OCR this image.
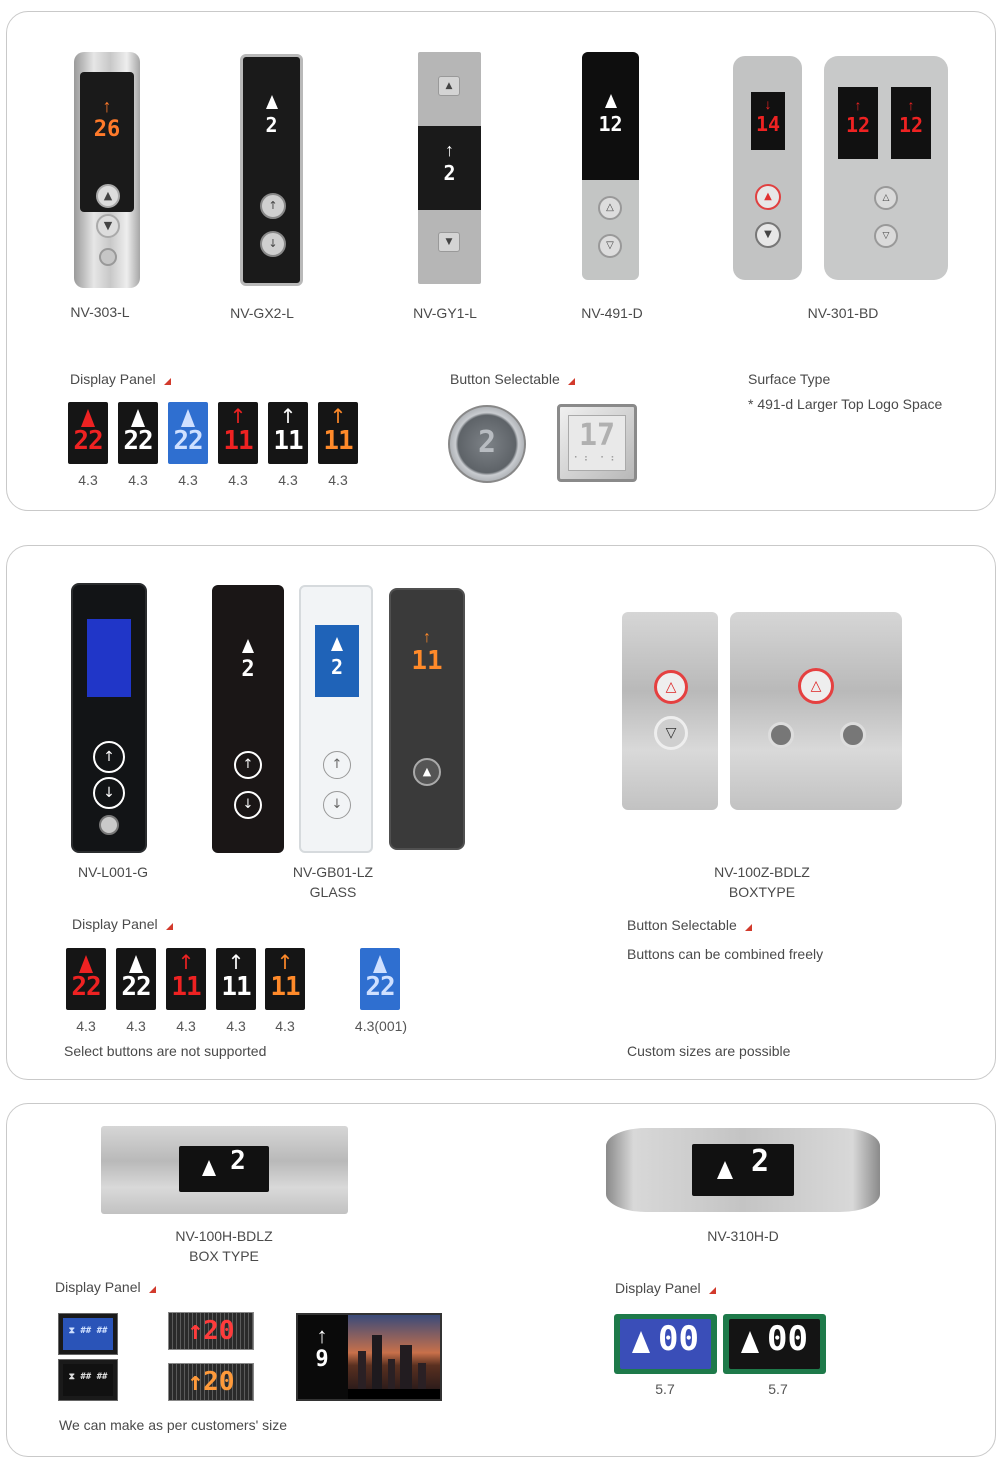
↑
26
▲
▼
NV-303-L
2
↑
↓
NV-GX2-L
▲
↑
2
▼
NV-GY1-L
12
△
▽
NV-491-D
↓
14
▲
▼
↑
12
↑
12
△
▽
NV-301-BD
Display Panel	Button Selectable	Surface Type
* 491-d Larger Top Logo Space
22 22 22
↑
11
↑
11
↑
11
4.3	4.3	4.3	4.3	4.3	4.3
2	17
⠁⠃ ⠁⠃
↑
↓
NV-L001-G
2
↑
↓
2
↑
↓
↑
11
▲
NV-GB01-LZ
GLASS
△
▽
△
NV-100Z-BDLZ
BOXTYPE
Display Panel	Button Selectable
Buttons can be combined freely
Custom sizes are possible
Select buttons are not supported
22 22
↑
11
↑
11
↑
11	22
4.3	4.3	4.3	4.3	4.3	4.3(001)
2
NV-100H-BDLZ
BOX TYPE
2
NV-310H-D
Display Panel	Display Panel
We can make as per customers' size
⧗ ## ##
⧗ ## ##
↑20
↑20
↑
9
00	00
5.7	5.7
